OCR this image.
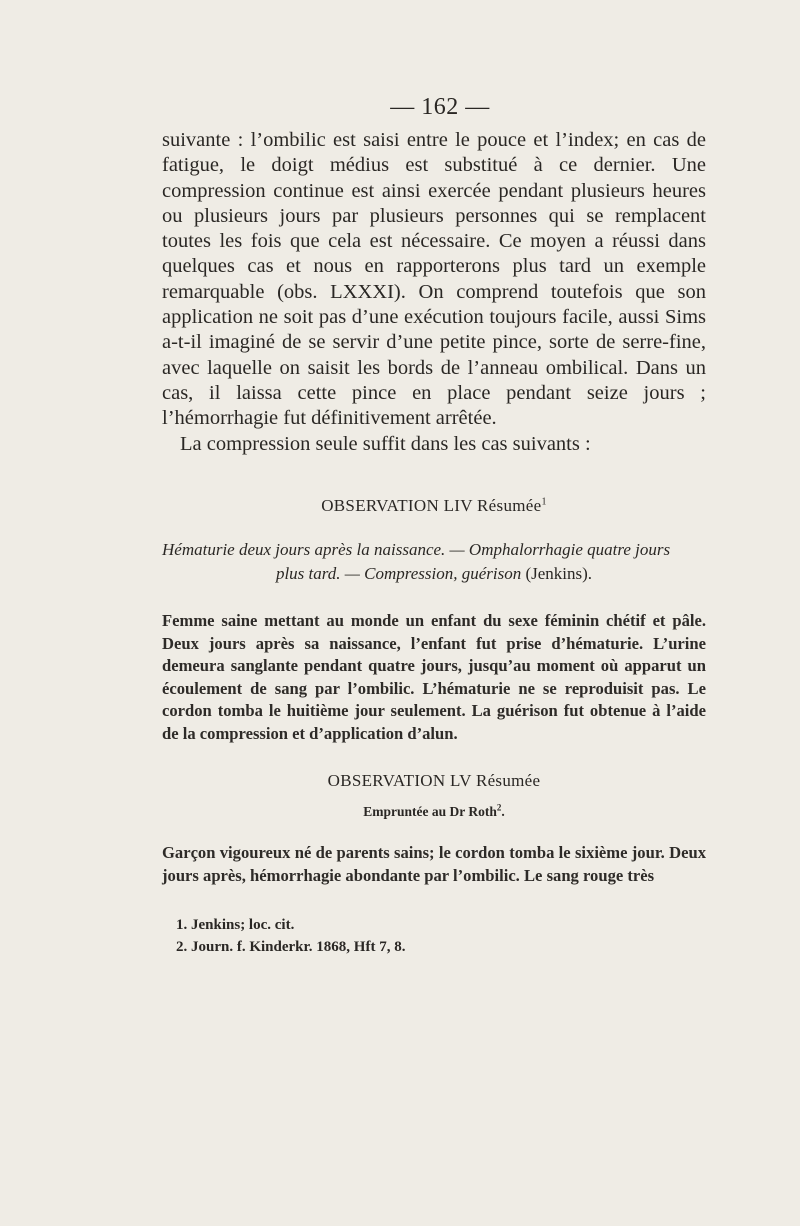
— 162 —

suivante : l’ombilic est saisi entre le pouce et l’index; en cas de fatigue, le doigt médius est substitué à ce dernier. Une compression continue est ainsi exercée pendant plusieurs heures ou plusieurs jours par plusieurs personnes qui se remplacent toutes les fois que cela est nécessaire. Ce moyen a réussi dans quelques cas et nous en rapporterons plus tard un exemple remarquable (obs. LXXXI). On comprend toutefois que son application ne soit pas d’une exécution toujours facile, aussi Sims a-t-il imaginé de se servir d’une petite pince, sorte de serre-fine, avec laquelle on saisit les bords de l’anneau ombilical. Dans un cas, il laissa cette pince en place pendant seize jours ; l’hémorrhagie fut définitivement arrêtée.

La compression seule suffit dans les cas suivants :

OBSERVATION LIV Résumée$^1$
Hématurie deux jours après la naissance. — Omphalorrhagie quatre jours
plus tard. — Compression, guérison (Jenkins).

Femme saine mettant au monde un enfant du sexe féminin chétif et pâle. Deux jours après sa naissance, l’enfant fut prise d’hématurie. L’urine demeura sanglante pendant quatre jours, jusqu’au moment où apparut un écoulement de sang par l’ombilic. L’hématurie ne se reproduisit pas. Le cordon tomba le huitième jour seulement. La guérison fut obtenue à l’aide de la compression et d’application d’alun.

OBSERVATION LV Résumée
Empruntée au Dr Roth$^2$.

Garçon vigoureux né de parents sains; le cordon tomba le sixième jour. Deux jours après, hémorrhagie abondante par l’ombilic. Le sang rouge très

1. Jenkins; loc. cit.
2. Journ. f. Kinderkr. 1868, Hft 7, 8.
